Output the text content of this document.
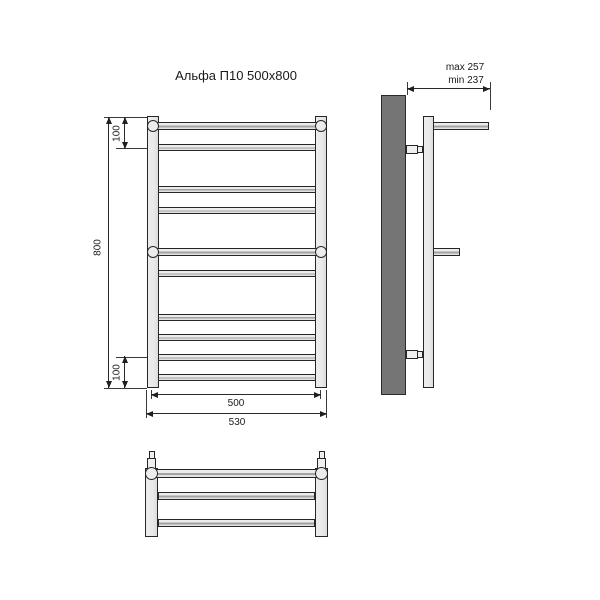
Альфа П10 500x800
800
100
100
500
530
max 257
min 237
